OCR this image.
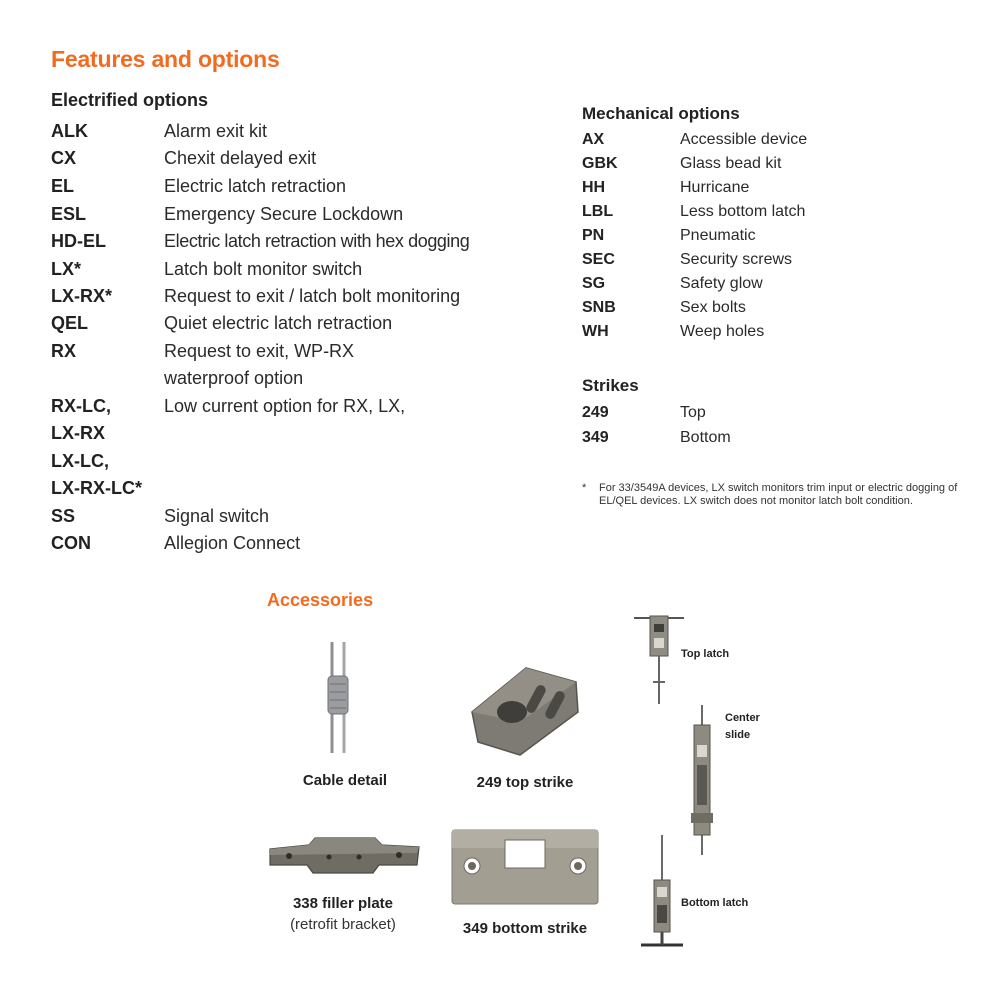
Features and options
Electrified options
ALK	Alarm exit kit
CX	Chexit delayed exit
EL	Electric latch retraction
ESL	Emergency Secure Lockdown
HD-EL	Electric latch retraction with hex dogging
LX*	Latch bolt monitor switch
LX-RX*	Request to exit / latch bolt monitoring
QEL	Quiet electric latch retraction
RX	Request to exit, WP-RX
waterproof option
RX-LC,	Low current option for RX, LX,
LX-RX
LX-LC,
LX-RX-LC*
SS	Signal switch
CON	Allegion Connect
Mechanical options
AX	Accessible device
GBK	Glass bead kit
HH	Hurricane
LBL	Less bottom latch
PN	Pneumatic
SEC	Security screws
SG	Safety glow
SNB	Sex bolts
WH	Weep holes
Strikes
249	Top
349	Bottom
* For 33/3549A devices, LX switch monitors trim input or electric dogging of EL/QEL devices. LX switch does not monitor latch bolt condition.
Accessories
Cable detail	249 top strike
338 filler plate
(retrofit bracket)	349 bottom strike
Top latch
Center
slide
Bottom latch
